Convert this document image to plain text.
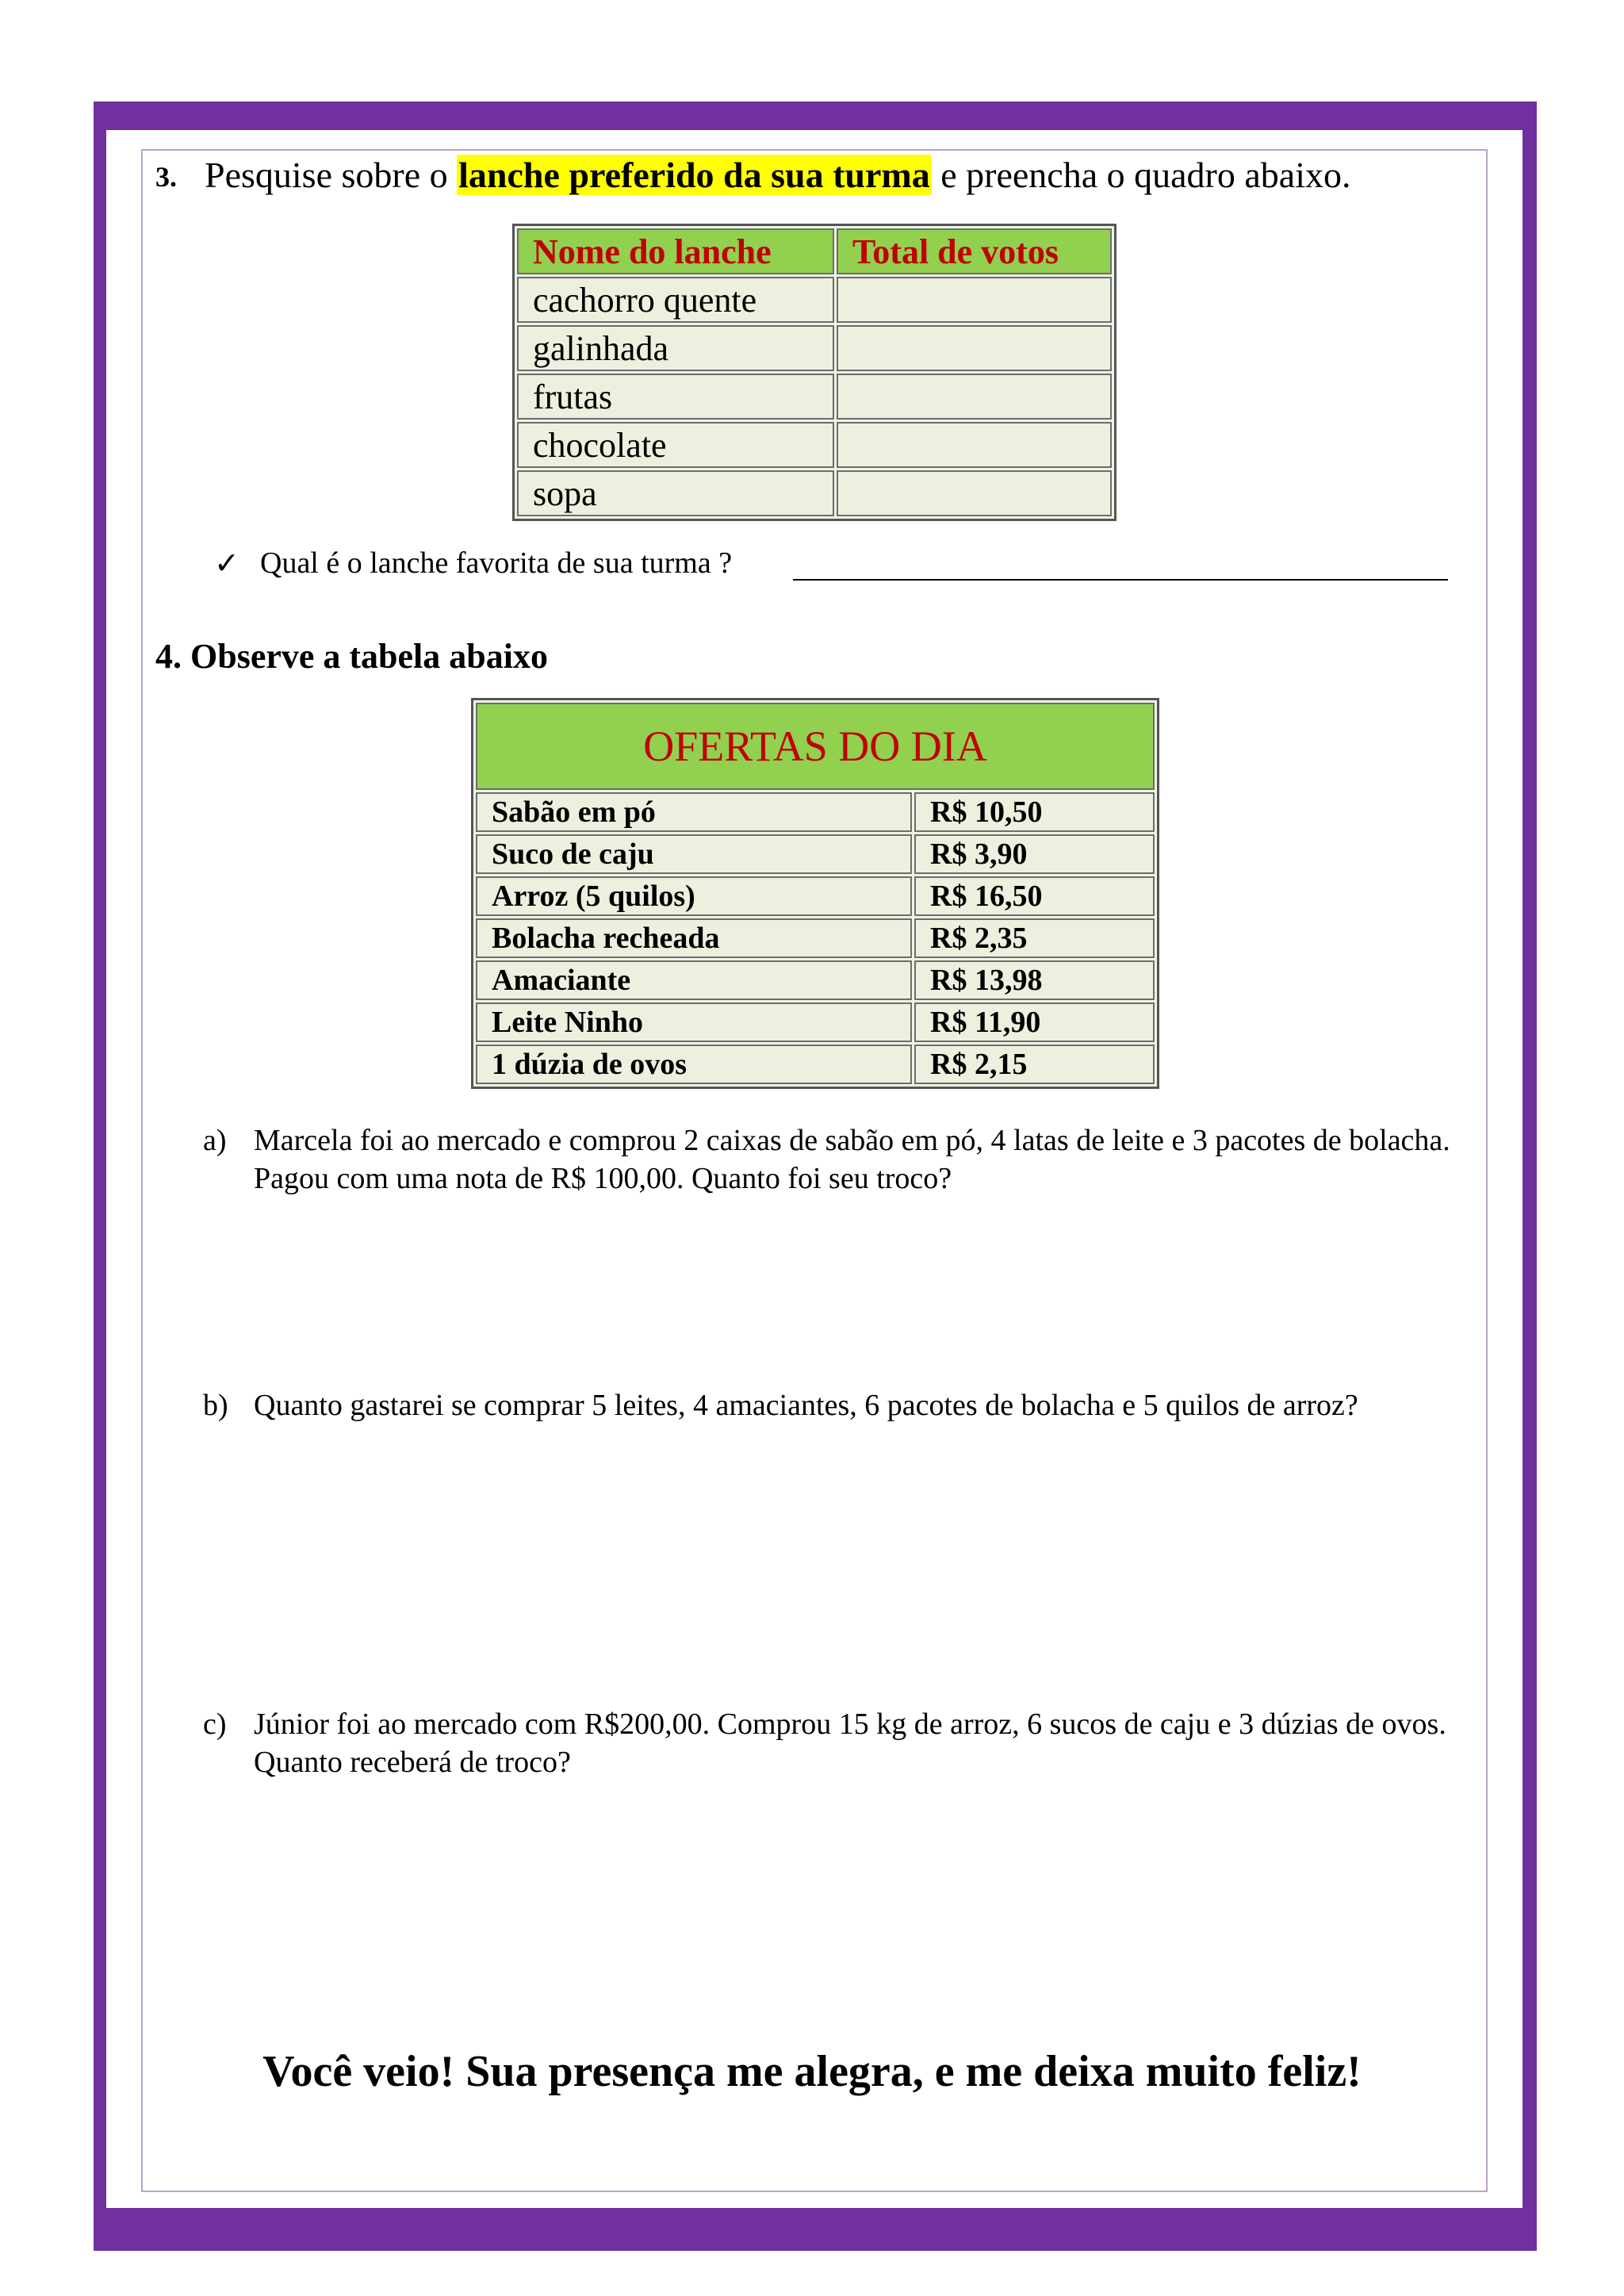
3. Pesquise sobre o lanche preferido da sua turma e preencha o quadro abaixo.
Nome do lanche	Total de votos
cachorro quente	
galinhada	
frutas	
chocolate	
sopa	
✓ Qual é o lanche favorita de sua turma ?
4. Observe a tabela abaixo
OFERTAS DO DIA	
Sabão em pó	R$ 10,50
Suco de caju	R$ 3,90
Arroz (5 quilos)	R$ 16,50
Bolacha recheada	R$ 2,35
Amaciante	R$ 13,98
Leite Ninho	R$ 11,90
1 dúzia de ovos	R$ 2,15
a) Marcela foi ao mercado e comprou 2 caixas de sabão em pó, 4 latas de leite e 3 pacotes de bolacha. Pagou com uma nota de R$ 100,00. Quanto foi seu troco?
b) Quanto gastarei se comprar 5 leites, 4 amaciantes, 6 pacotes de bolacha e 5 quilos de arroz?
c) Júnior foi ao mercado com R$200,00. Comprou 15 kg de arroz, 6 sucos de caju e 3 dúzias de ovos. Quanto receberá de troco?
Você veio! Sua presença me alegra, e me deixa muito feliz!
